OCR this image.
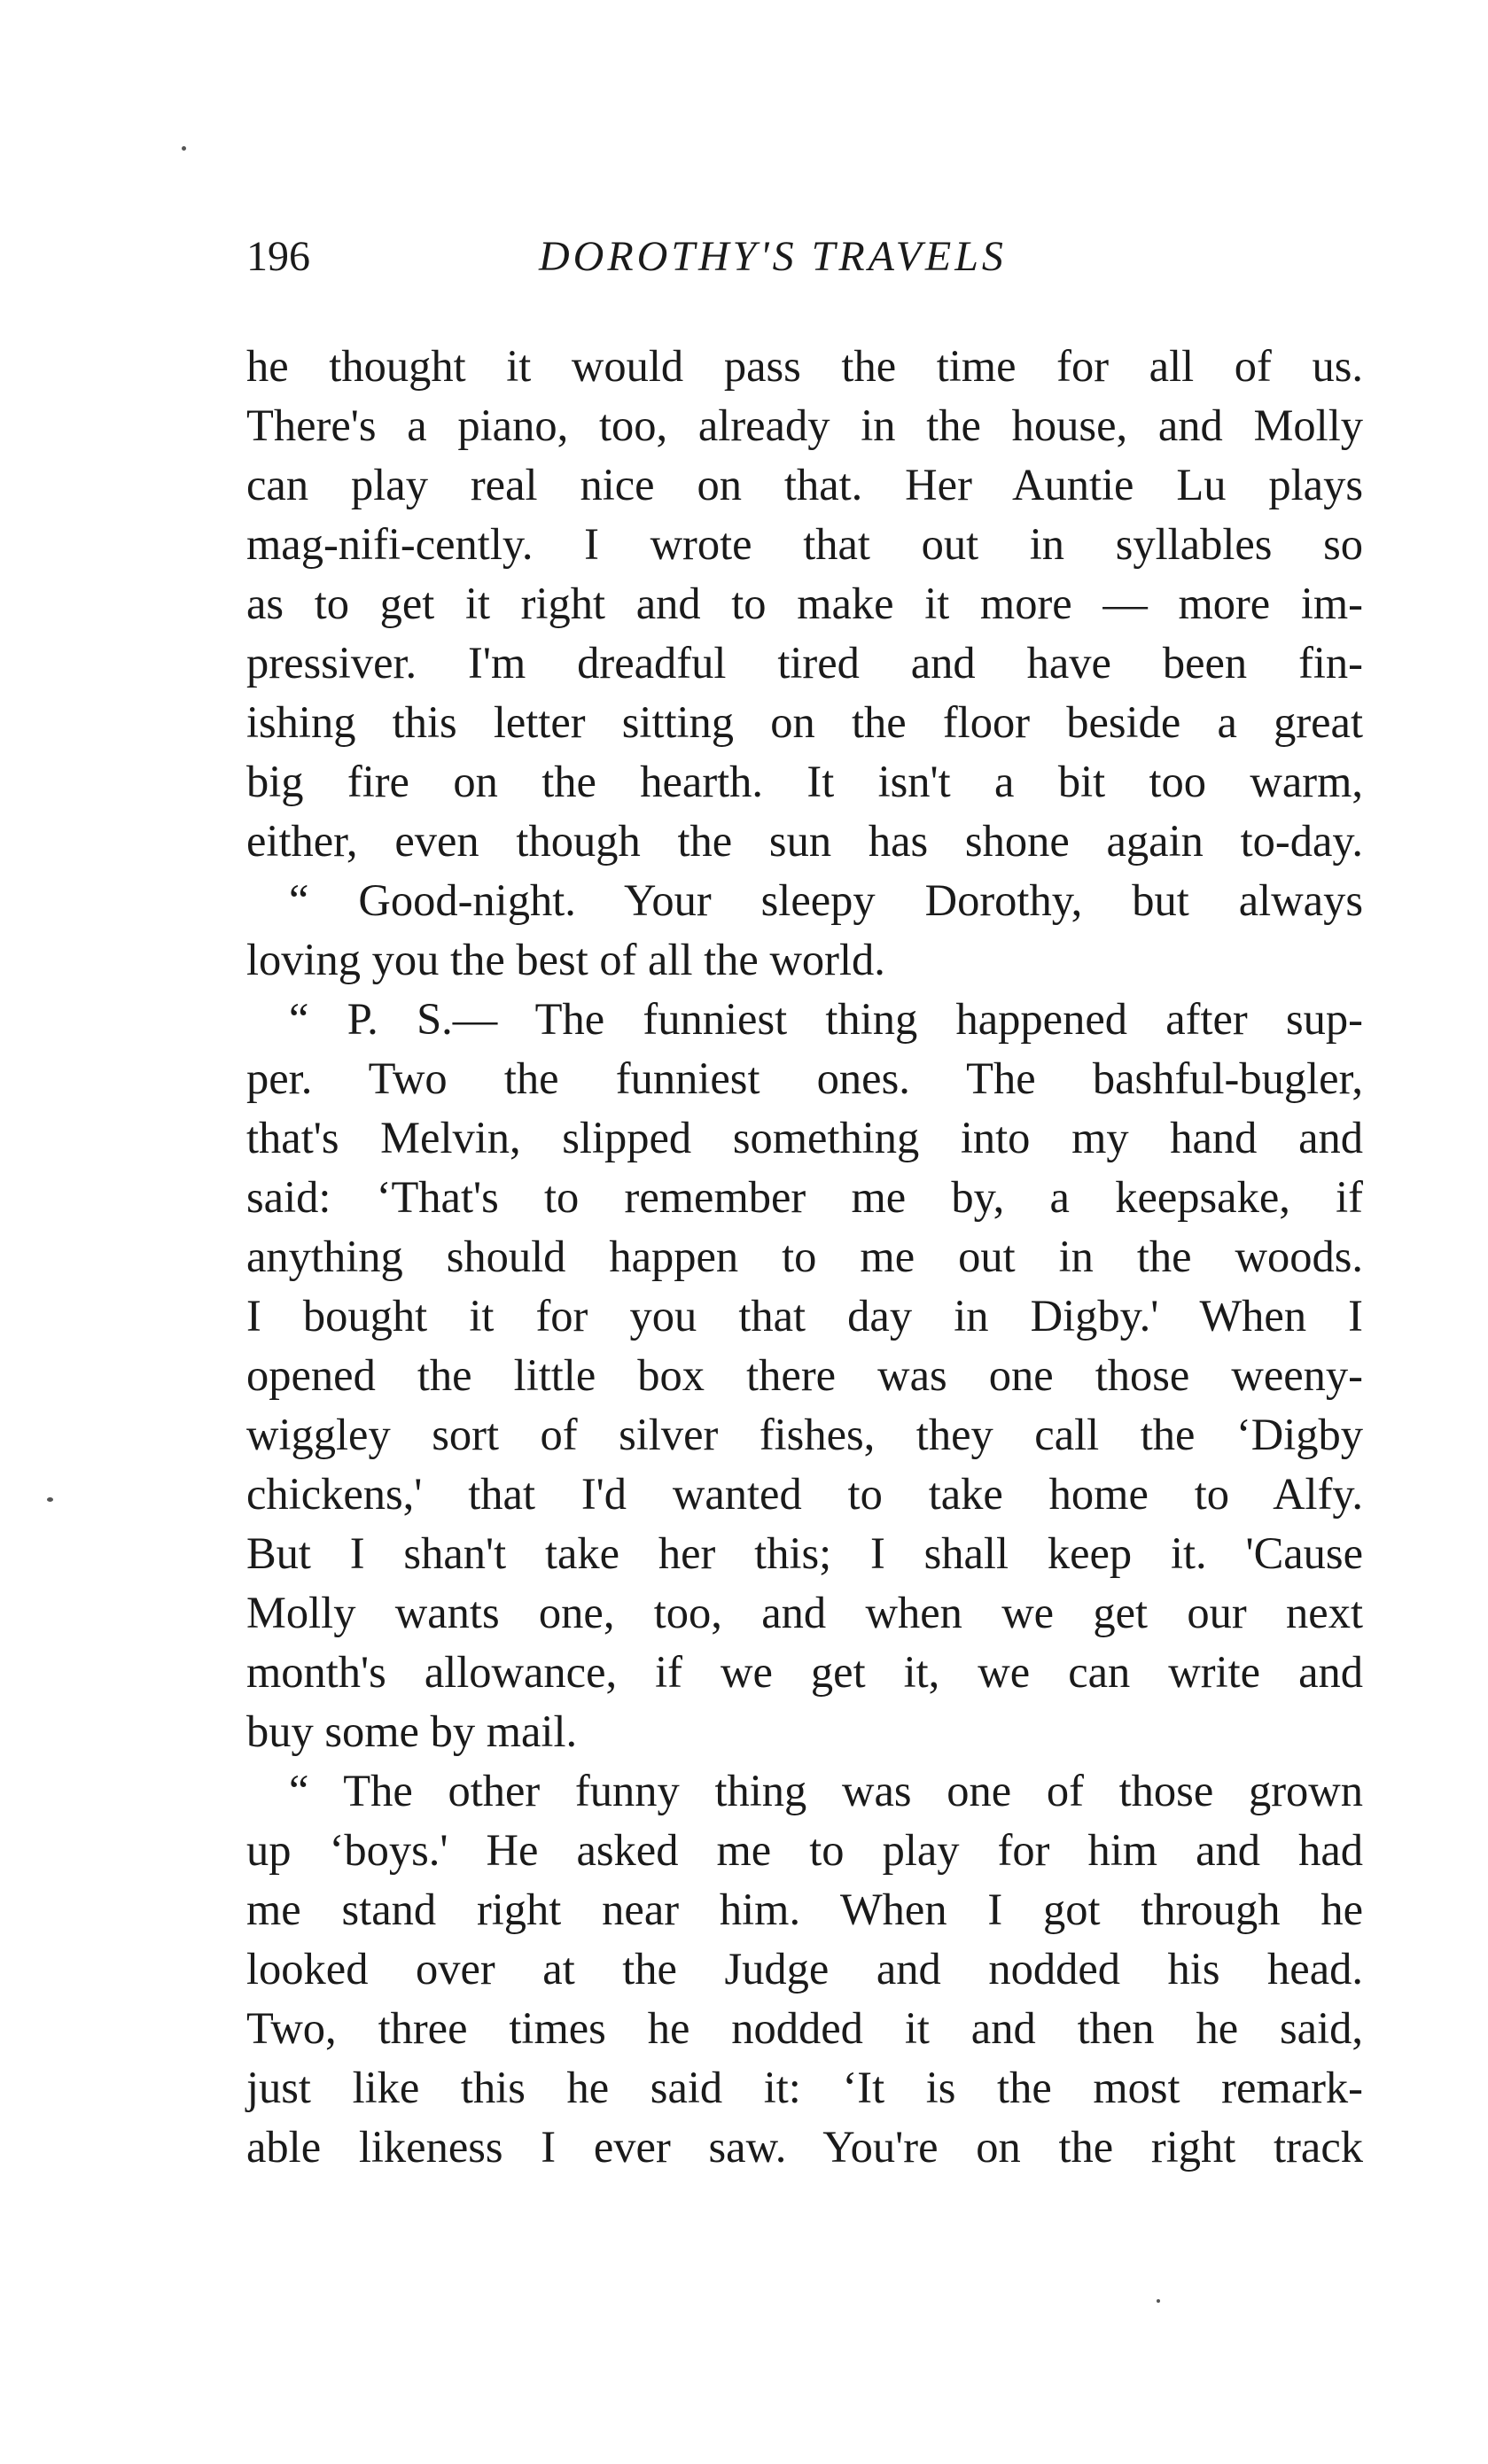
196	DOROTHY'S TRAVELS
he thought it would pass the time for all of us.
There's a piano, too, already in the house, and Molly
can play real nice on that. Her Auntie Lu plays
mag-nifi-cently. I wrote that out in syllables so
as to get it right and to make it more — more im-
pressiver. I'm dreadful tired and have been fin-
ishing this letter sitting on the floor beside a great
big fire on the hearth. It isn't a bit too warm,
either, even though the sun has shone again to-day.
“ Good-night. Your sleepy Dorothy, but always
loving you the best of all the world.
“ P. S.— The funniest thing happened after sup-
per. Two the funniest ones. The bashful-bugler,
that's Melvin, slipped something into my hand and
said: ‘That's to remember me by, a keepsake, if
anything should happen to me out in the woods.
I bought it for you that day in Digby.' When I
opened the little box there was one those weeny-
wiggley sort of silver fishes, they call the ‘Digby
chickens,' that I'd wanted to take home to Alfy.
But I shan't take her this; I shall keep it. 'Cause
Molly wants one, too, and when we get our next
month's allowance, if we get it, we can write and
buy some by mail.
“ The other funny thing was one of those grown
up ‘boys.' He asked me to play for him and had
me stand right near him. When I got through he
looked over at the Judge and nodded his head.
Two, three times he nodded it and then he said,
just like this he said it: ‘It is the most remark-
able likeness I ever saw. You're on the right track
